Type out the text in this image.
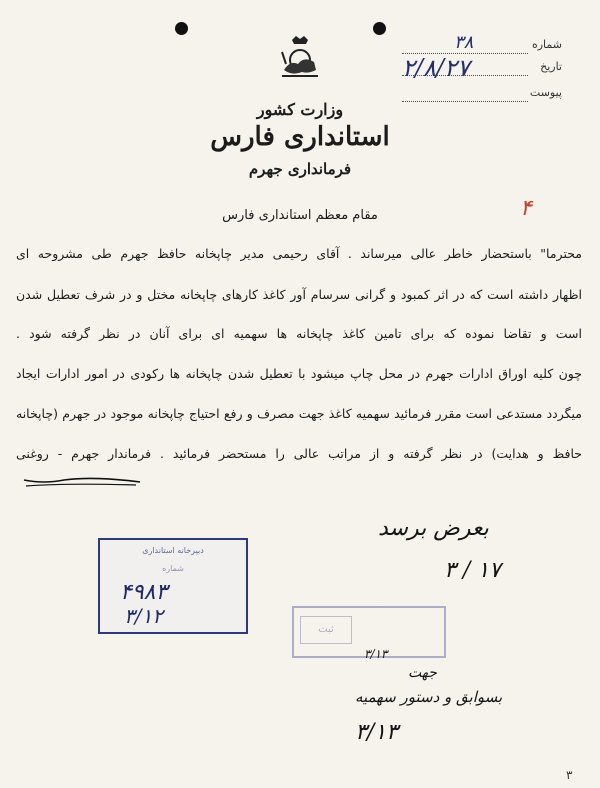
شماره
۳۸
تاریخ
۲/۸/۲۷
پیوست
وزارت کشور
استانداری فارس
فرمانداری جهرم
۴
مقام معظم استانداری فارس
محترما" باستحضار خاطر عالی میرساند . آقای رحیمی مدیر چاپخانه حافظ جهرم طی مشروحه ای
اظهار داشته است که در اثر کمبود و گرانی سرسام آور کاغذ کارهای چاپخانه مختل و در شرف تعطیل شدن
است و تقاضا نموده که برای تامین کاغذ چاپخانه ها سهمیه ای برای آنان در نظر گرفته شود .
چون کلیه اوراق ادارات جهرم در محل چاپ میشود با تعطیل شدن چاپخانه ها رکودی در امور ادارات ایجاد
میگردد مستدعی است مقرر فرمائید سهمیه کاغذ جهت مصرف و رفع احتیاج چاپخانه موجود در جهرم (چاپخانه
حافظ و هدایت) در نظر گرفته و از مراتب عالی را مستحضر فرمائید . فرماندار جهرم - روغنی
دبیرخانه استانداری
شماره
۴۹۸۳
۳/۱۲
ثبت
بعرض برسد
۱۷ / ۳
۳/۱۳
جهت
بسوابق و دستور سهمیه
۳/۱۳
۳
